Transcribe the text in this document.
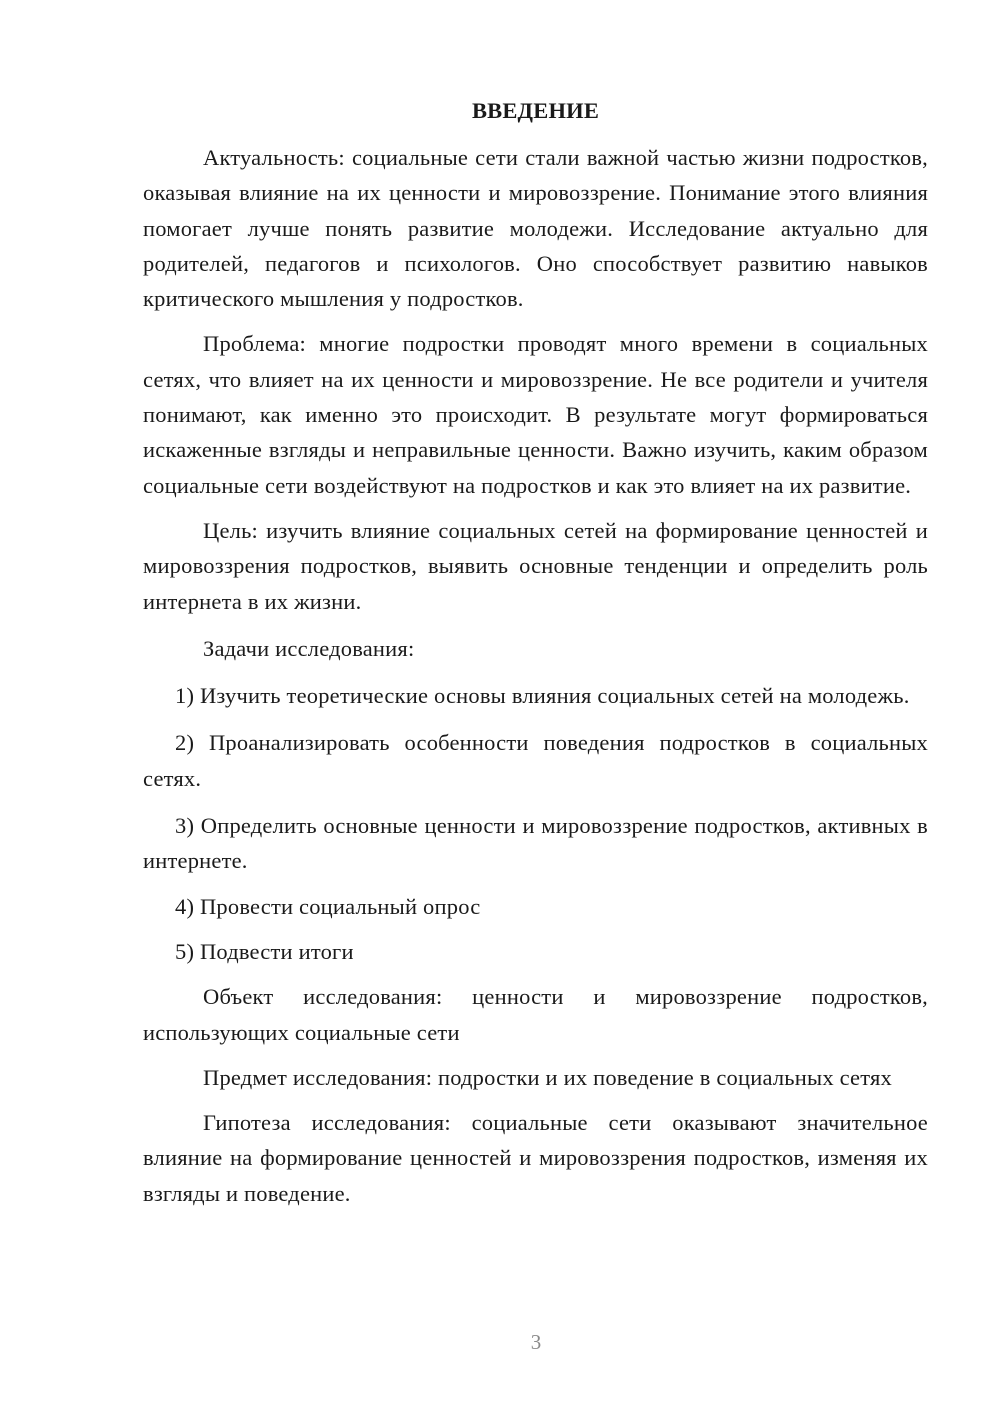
ВВЕДЕНИЕ

Актуальность: социальные сети стали важной частью жизни подростков, оказывая влияние на их ценности и мировоззрение. Понимание этого влияния помогает лучше понять развитие молодежи. Исследование актуально для родителей, педагогов и психологов. Оно способствует развитию навыков критического мышления у подростков.

Проблема: многие подростки проводят много времени в социальных сетях, что влияет на их ценности и мировоззрение. Не все родители и учителя понимают, как именно это происходит. В результате могут формироваться искаженные взгляды и неправильные ценности. Важно изучить, каким образом социальные сети воздействуют на подростков и как это влияет на их развитие.

Цель: изучить влияние социальных сетей на формирование ценностей и мировоззрения подростков, выявить основные тенденции и определить роль интернета в их жизни.

Задачи исследования:

1) Изучить теоретические основы влияния социальных сетей на молодежь.

2) Проанализировать особенности поведения подростков в социальных сетях.

3) Определить основные ценности и мировоззрение подростков, активных в интернете.

4) Провести социальный опрос

5) Подвести итоги

Объект исследования: ценности и мировоззрение подростков, использующих социальные сети

Предмет исследования: подростки и их поведение в социальных сетях

Гипотеза исследования: социальные сети оказывают значительное влияние на формирование ценностей и мировоззрения подростков, изменяя их взгляды и поведение.

3
